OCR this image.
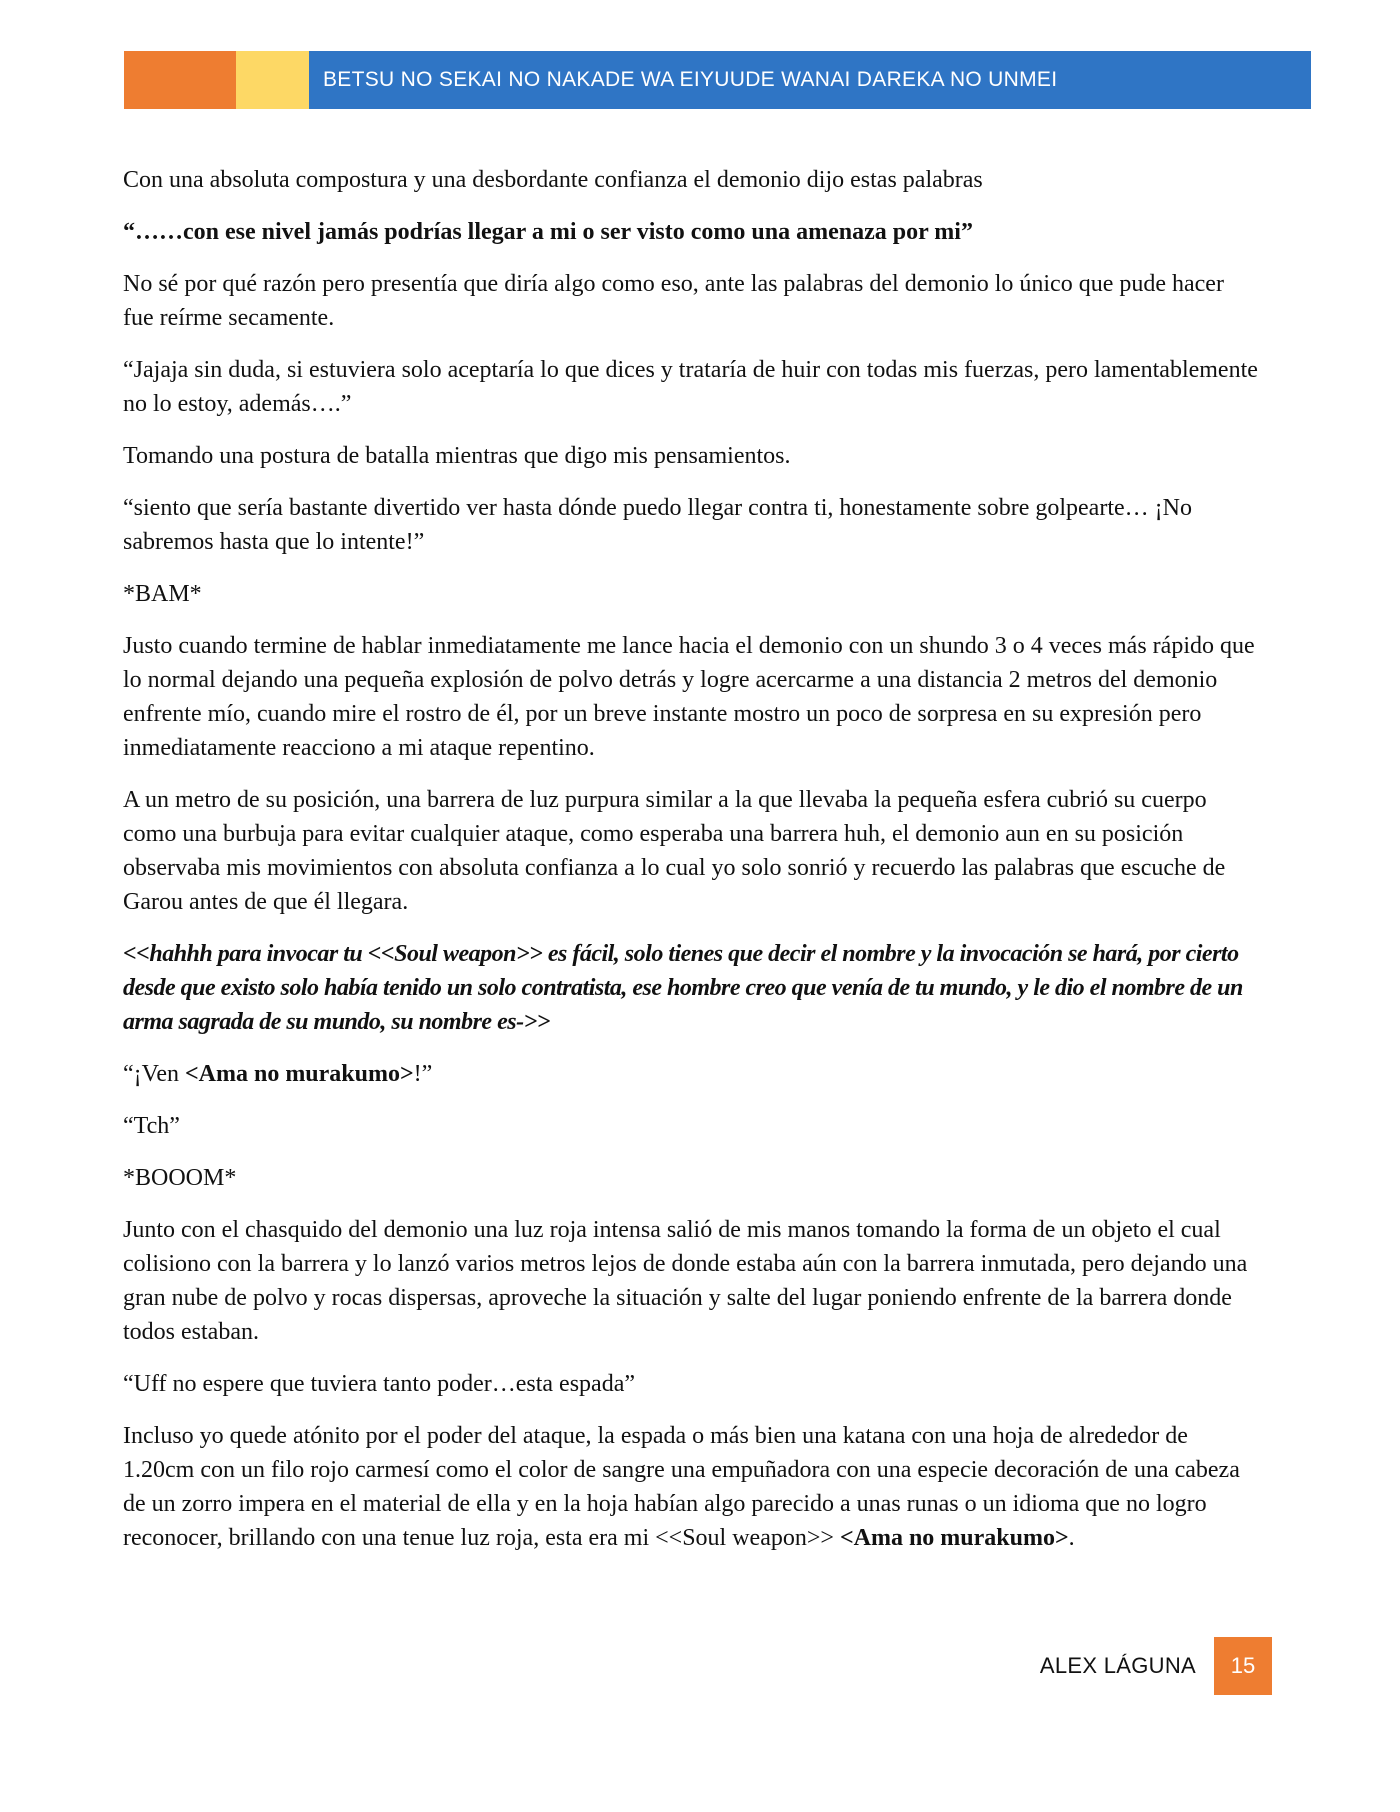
BETSU NO SEKAI NO NAKADE WA EIYUUDE WANAI DAREKA NO UNMEI

Con una absoluta compostura y una desbordante confianza el demonio dijo estas palabras

“……con ese nivel jamás podrías llegar a mi o ser visto como una amenaza por mi”

No sé por qué razón pero presentía que diría algo como eso, ante las palabras del demonio lo único que pude hacer fue reírme secamente.

“Jajaja sin duda, si estuviera solo aceptaría lo que dices y trataría de huir con todas mis fuerzas, pero lamentablemente no lo estoy, además….”

Tomando una postura de batalla mientras que digo mis pensamientos.

“siento que sería bastante divertido ver hasta dónde puedo llegar contra ti, honestamente sobre golpearte… ¡No sabremos hasta que lo intente!”

*BAM*

Justo cuando termine de hablar inmediatamente me lance hacia el demonio con un shundo 3 o 4 veces más rápido que lo normal dejando una pequeña explosión de polvo detrás y logre acercarme a una distancia 2 metros del demonio enfrente mío, cuando mire el rostro de él, por un breve instante mostro un poco de sorpresa en su expresión pero inmediatamente reacciono a mi ataque repentino.

A un metro de su posición, una barrera de luz purpura similar a la que llevaba la pequeña esfera cubrió su cuerpo como una burbuja para evitar cualquier ataque, como esperaba una barrera huh, el demonio aun en su posición observaba mis movimientos con absoluta confianza a lo cual yo solo sonrió y recuerdo las palabras que escuche de Garou antes de que él llegara.

<<hahhh para invocar tu <<Soul weapon>> es fácil, solo tienes que decir el nombre y la invocación se hará, por cierto desde que existo solo había tenido un solo contratista, ese hombre creo que venía de tu mundo, y le dio el nombre de un arma sagrada de su mundo, su nombre es->>

“¡Ven <Ama no murakumo>!”

“Tch”

*BOOOM*

Junto con el chasquido del demonio una luz roja intensa salió de mis manos tomando la forma de un objeto el cual colisiono con la barrera y lo lanzó varios metros lejos de donde estaba aún con la barrera inmutada, pero dejando una gran nube de polvo y rocas dispersas, aproveche la situación y salte del lugar poniendo enfrente de la barrera donde todos estaban.

“Uff no espere que tuviera tanto poder…esta espada”

Incluso yo quede atónito por el poder del ataque, la espada o más bien una katana con una hoja de alrededor de 1.20cm con un filo rojo carmesí como el color de sangre una empuñadora con una especie decoración de una cabeza de un zorro impera en el material de ella y en la hoja habían algo parecido a unas runas o un idioma que no logro reconocer, brillando con una tenue luz roja, esta era mi <<Soul weapon>> <Ama no murakumo>.

ALEX LÁGUNA	15
